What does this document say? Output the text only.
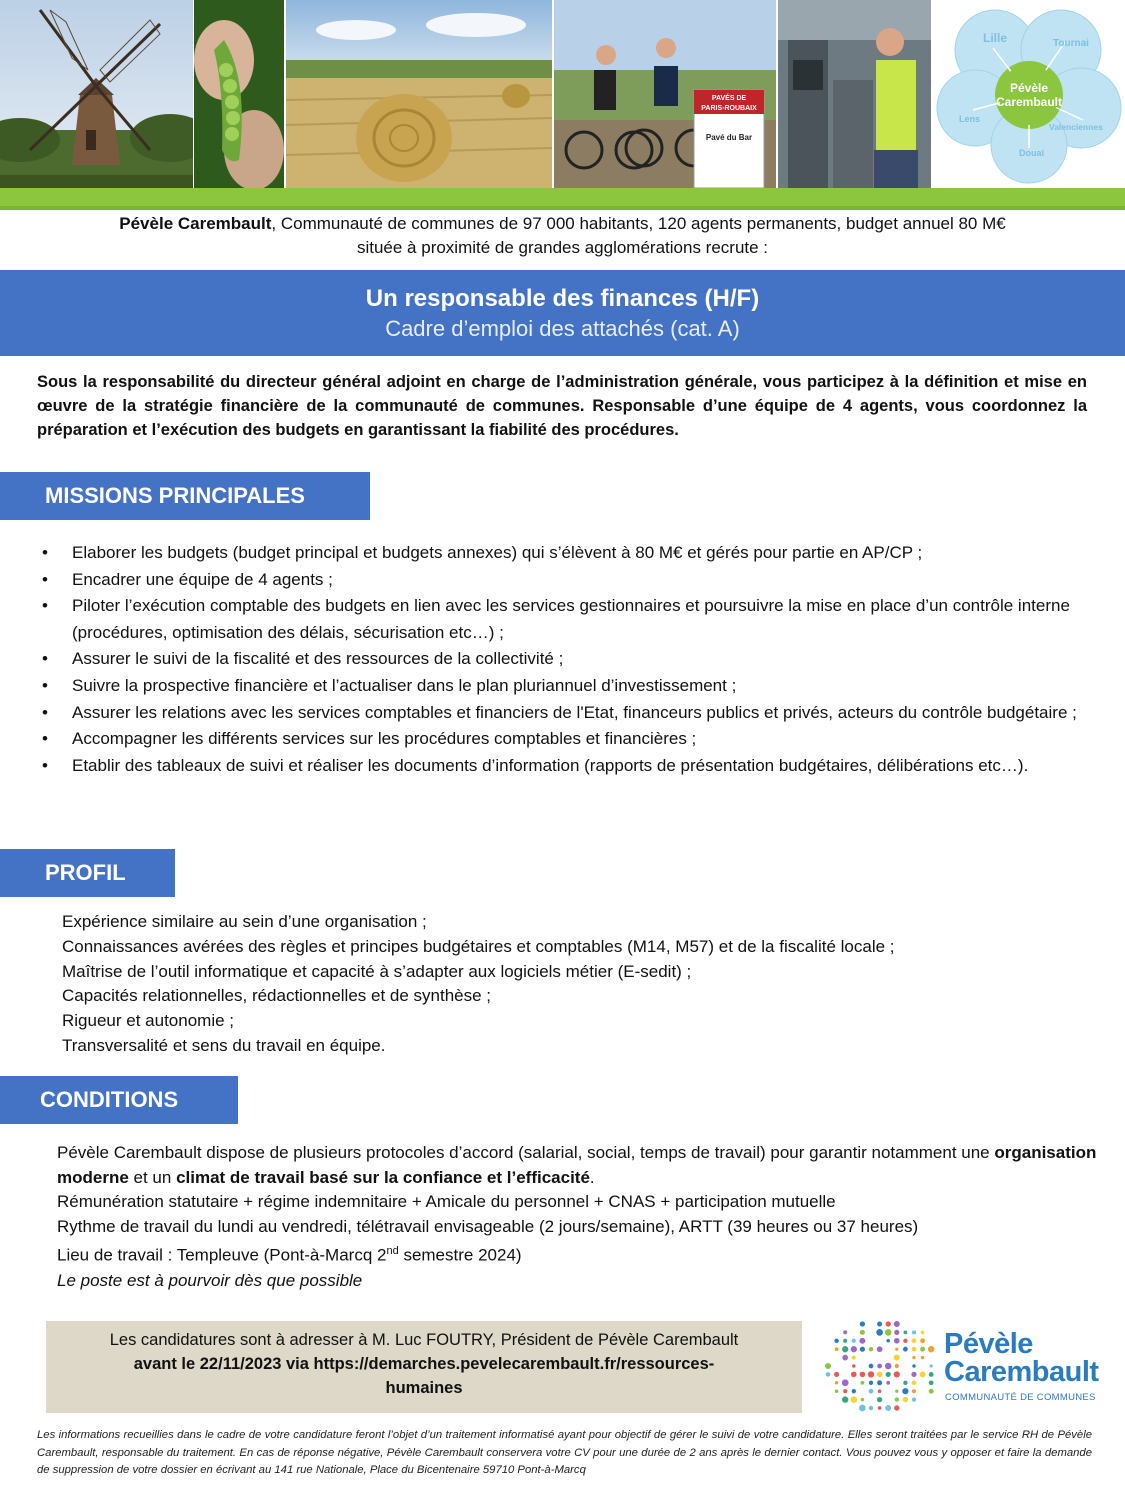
PAVÉS DE
PARIS-ROUBAIX
Pavé du Bar
Pévèle
Carembault
Lille	Tournai
Lens
Valenciennes
Douai
Pévèle Carembault, Communauté de communes de 97 000 habitants, 120 agents permanents, budget annuel 80 M€
située à proximité de grandes agglomérations recrute :
Un responsable des finances (H/F)
Cadre d’emploi des attachés (cat. A)
Sous la responsabilité du directeur général adjoint en charge de l’administration générale, vous participez à la définition et mise en œuvre de la stratégie financière de la communauté de communes. Responsable d’une équipe de 4 agents, vous coordonnez la préparation et l’exécution des budgets en garantissant la fiabilité des procédures.
MISSIONS PRINCIPALES
• Elaborer les budgets (budget principal et budgets annexes) qui s’élèvent à 80 M€ et gérés pour partie en AP/CP ;
• Encadrer une équipe de 4 agents ;
• Piloter l’exécution comptable des budgets en lien avec les services gestionnaires et poursuivre la mise en place d’un contrôle interne (procédures, optimisation des délais, sécurisation etc…) ;
• Assurer le suivi de la fiscalité et des ressources de la collectivité ;
• Suivre la prospective financière et l’actualiser dans le plan pluriannuel d’investissement ;
• Assurer les relations avec les services comptables et financiers de l'Etat, financeurs publics et privés, acteurs du contrôle budgétaire ;
• Accompagner les différents services sur les procédures comptables et financières ;
• Etablir des tableaux de suivi et réaliser les documents d’information (rapports de présentation budgétaires, délibérations etc…).
PROFIL
Expérience similaire au sein d’une organisation ;
Connaissances avérées des règles et principes budgétaires et comptables (M14, M57) et de la fiscalité locale ;
Maîtrise de l’outil informatique et capacité à s’adapter aux logiciels métier (E-sedit) ;
Capacités relationnelles, rédactionnelles et de synthèse ;
Rigueur et autonomie ;
Transversalité et sens du travail en équipe.
CONDITIONS
Pévèle Carembault dispose de plusieurs protocoles d’accord (salarial, social, temps de travail) pour garantir notamment une organisation moderne et un climat de travail basé sur la confiance et l’efficacité.
Rémunération statutaire + régime indemnitaire + Amicale du personnel + CNAS + participation mutuelle
Rythme de travail du lundi au vendredi, télétravail envisageable (2 jours/semaine), ARTT (39 heures ou 37 heures)
Lieu de travail : Templeuve (Pont-à-Marcq 2nd semestre 2024)
Le poste est à pourvoir dès que possible
Les candidatures sont à adresser à M. Luc FOUTRY, Président de Pévèle Carembault
avant le 22/11/2023 via https://demarches.pevelecarembault.fr/ressources-
humaines
Pévèle
Carembault
COMMUNAUTÉ DE COMMUNES
Les informations recueillies dans le cadre de votre candidature feront l’objet d’un traitement informatisé ayant pour objectif de gérer le suivi de votre candidature. Elles seront traitées par le service RH de Pévèle Carembault, responsable du traitement. En cas de réponse négative, Pévèle Carembault conservera votre CV pour une durée de 2 ans après le dernier contact. Vous pouvez vous y opposer et faire la demande de suppression de votre dossier en écrivant au 141 rue Nationale, Place du Bicentenaire 59710 Pont-à-Marcq
